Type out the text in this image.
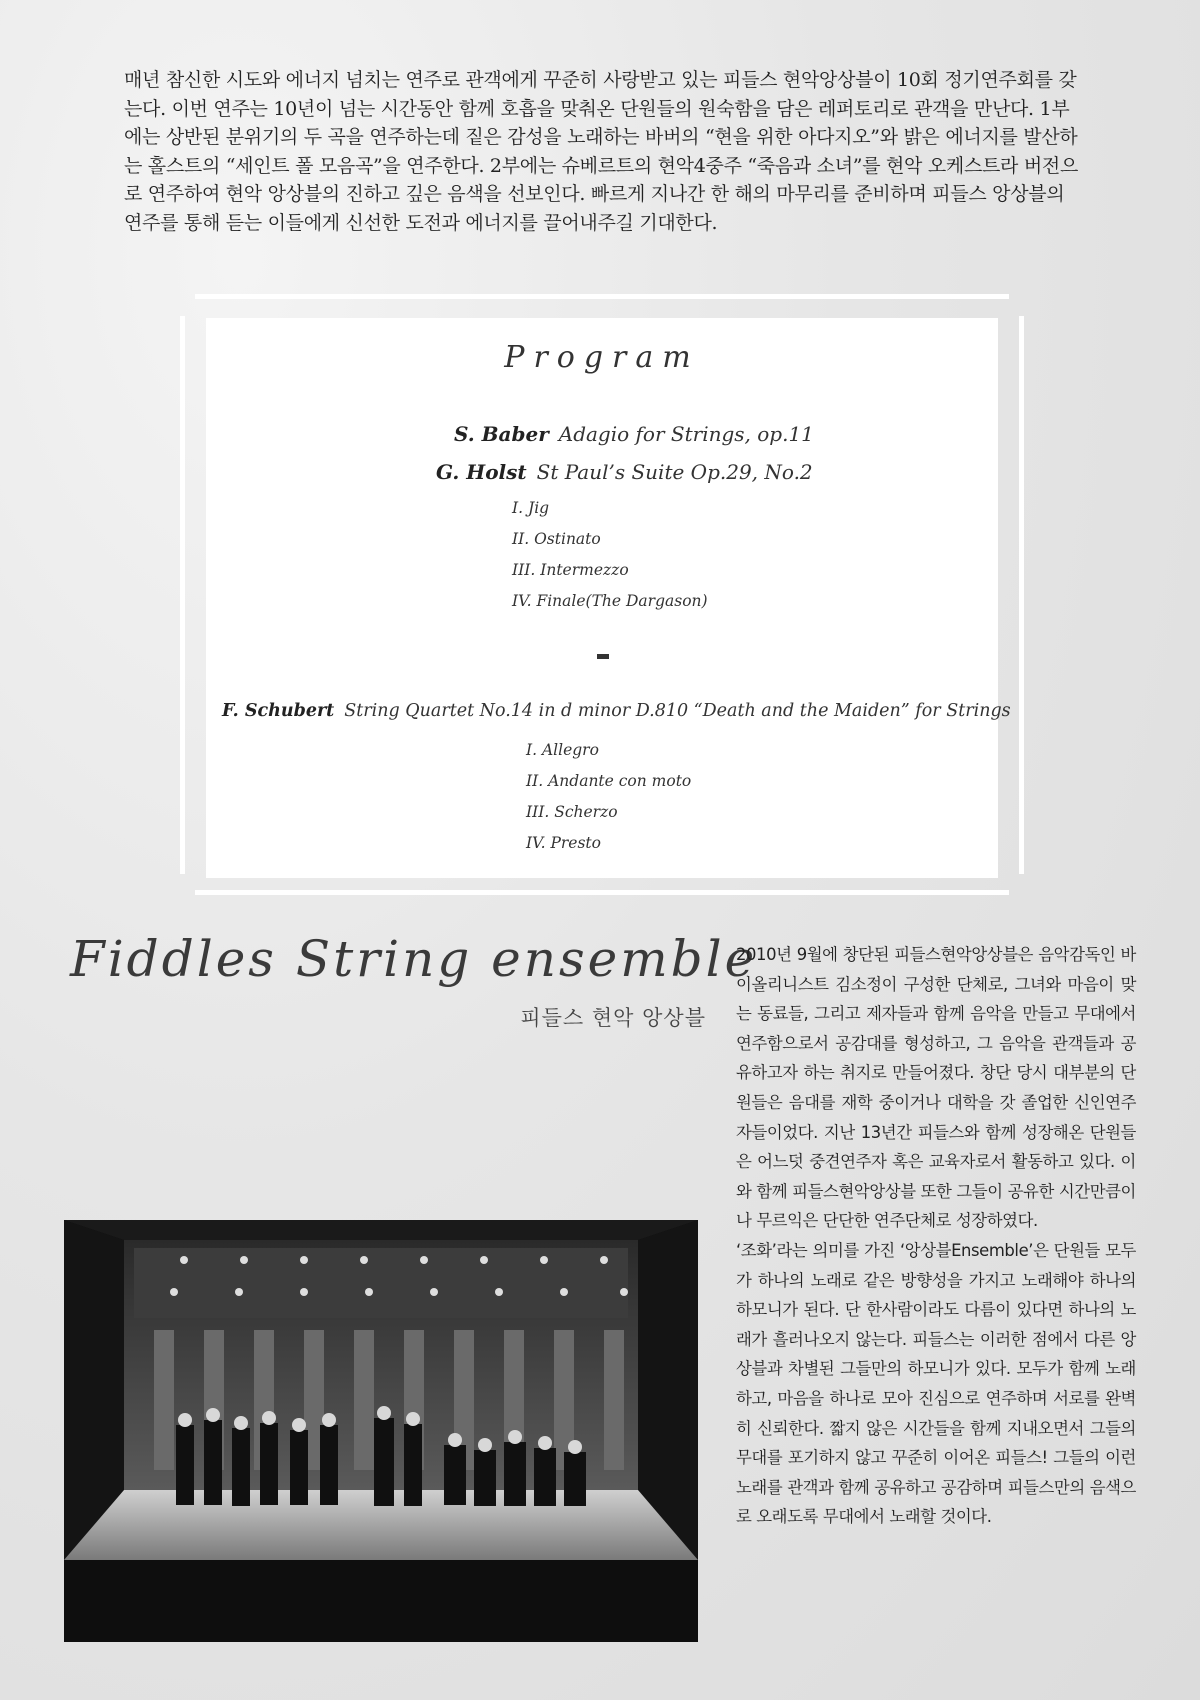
매년 참신한 시도와 에너지 넘치는 연주로 관객에게 꾸준히 사랑받고 있는 피들스 현악앙상블이 10회 정기연주회를 갖는다. 이번 연주는 10년이 넘는 시간동안 함께 호흡을 맞춰온 단원들의 원숙함을 담은 레퍼토리로 관객을 만난다. 1부에는 상반된 분위기의 두 곡을 연주하는데 짙은 감성을 노래하는 바버의 “현을 위한 아다지오”와 밝은 에너지를 발산하는 홀스트의 “세인트 폴 모음곡”을 연주한다. 2부에는 슈베르트의 현악4중주 “죽음과 소녀”를 현악 오케스트라 버전으로 연주하여 현악 앙상블의 진하고 깊은 음색을 선보인다. 빠르게 지나간 한 해의 마무리를 준비하며 피들스 앙상블의 연주를 통해 듣는 이들에게 신선한 도전과 에너지를 끌어내주길 기대한다.

Program
S. Baber Adagio for Strings, op.11
G. Holst St Paul’s Suite Op.29, No.2
I. Jig
II. Ostinato
III. Intermezzo
IV. Finale(The Dargason)
F. Schubert String Quartet No.14 in d minor D.810 “Death and the Maiden” for Strings
I. Allegro
II. Andante con moto
III. Scherzo
IV. Presto
Fiddles String ensemble
피들스 현악 앙상블

2010년 9월에 창단된 피들스현악앙상블은 음악감독인 바이올리니스트 김소정이 구성한 단체로, 그녀와 마음이 맞는 동료들, 그리고 제자들과 함께 음악을 만들고 무대에서 연주함으로서 공감대를 형성하고, 그 음악을 관객들과 공유하고자 하는 취지로 만들어졌다. 창단 당시 대부분의 단원들은 음대를 재학 중이거나 대학을 갓 졸업한 신인연주자들이었다. 지난 13년간 피들스와 함께 성장해온 단원들은 어느덧 중견연주자 혹은 교육자로서 활동하고 있다. 이와 함께 피들스현악앙상블 또한 그들이 공유한 시간만큼이나 무르익은 단단한 연주단체로 성장하였다.

‘조화’라는 의미를 가진 ‘앙상블Ensemble’은 단원들 모두가 하나의 노래로 같은 방향성을 가지고 노래해야 하나의 하모니가 된다. 단 한사람이라도 다름이 있다면 하나의 노래가 흘러나오지 않는다. 피들스는 이러한 점에서 다른 앙상블과 차별된 그들만의 하모니가 있다. 모두가 함께 노래하고, 마음을 하나로 모아 진심으로 연주하며 서로를 완벽히 신뢰한다. 짧지 않은 시간들을 함께 지내오면서 그들의 무대를 포기하지 않고 꾸준히 이어온 피들스! 그들의 이런 노래를 관객과 함께 공유하고 공감하며 피들스만의 음색으로 오래도록 무대에서 노래할 것이다.
